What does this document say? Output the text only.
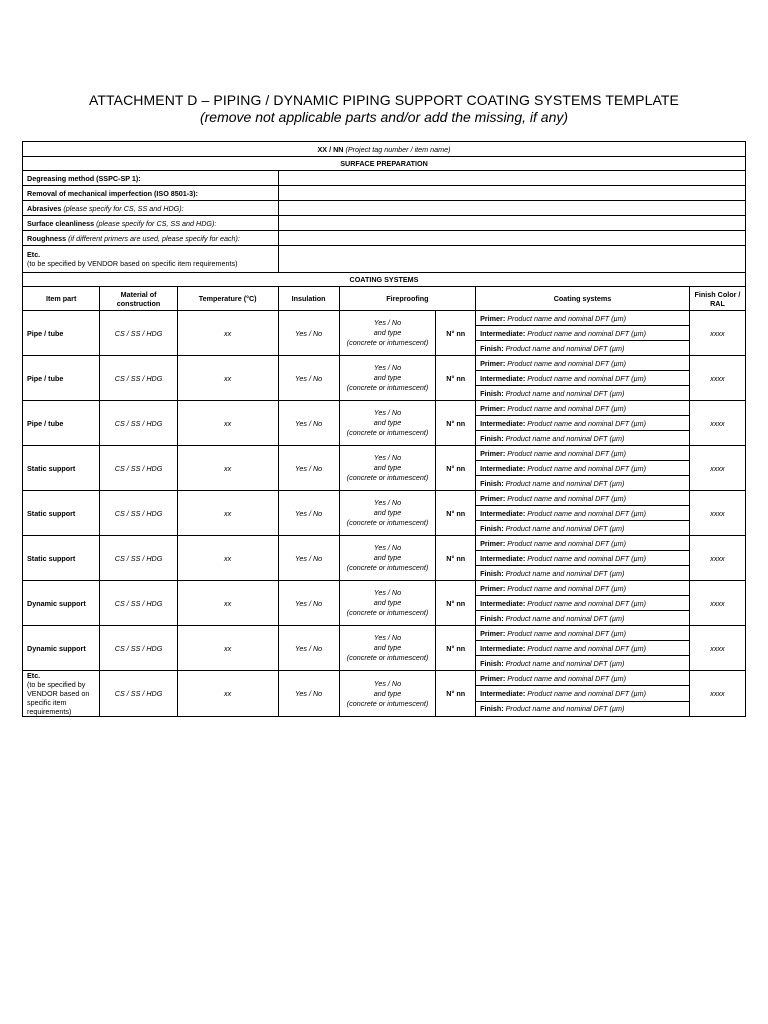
ATTACHMENT D – PIPING / DYNAMIC PIPING SUPPORT COATING SYSTEMS TEMPLATE
(remove not applicable parts and/or add the missing, if any)
XX / NN (Project tag number / item name)							
SURFACE PREPARATION							
Degreasing method (SSPC-SP 1):							
Removal of mechanical imperfection (ISO 8501-3):							
Abrasives (please specify for CS, SS and HDG):							
Surface cleanliness (please specify for CS, SS and HDG):							
Roughness (if different primers are used, please specify for each):							
Etc.
(to be specified by VENDOR based on specific item requirements)							
COATING SYSTEMS							
Item part	Material of construction	Temperature (°C)	Insulation	Fireproofing		Coating systems	Finish Color / RAL
Pipe / tube	CS / SS / HDG	xx	Yes / No	Yes / No
and type
(concrete or intumescent)	N° nn	Primer: Product name and nominal DFT (µm)	xxxx
						Intermediate: Product name and nominal DFT (µm)	
						Finish: Product name and nominal DFT (µm)	
Pipe / tube	CS / SS / HDG	xx	Yes / No	Yes / No
and type
(concrete or intumescent)	N° nn	Primer: Product name and nominal DFT (µm)	xxxx
						Intermediate: Product name and nominal DFT (µm)	
						Finish: Product name and nominal DFT (µm)	
Pipe / tube	CS / SS / HDG	xx	Yes / No	Yes / No
and type
(concrete or intumescent)	N° nn	Primer: Product name and nominal DFT (µm)	xxxx
						Intermediate: Product name and nominal DFT (µm)	
						Finish: Product name and nominal DFT (µm)	
Static support	CS / SS / HDG	xx	Yes / No	Yes / No
and type
(concrete or intumescent)	N° nn	Primer: Product name and nominal DFT (µm)	xxxx
						Intermediate: Product name and nominal DFT (µm)	
						Finish: Product name and nominal DFT (µm)	
Static support	CS / SS / HDG	xx	Yes / No	Yes / No
and type
(concrete or intumescent)	N° nn	Primer: Product name and nominal DFT (µm)	xxxx
						Intermediate: Product name and nominal DFT (µm)	
						Finish: Product name and nominal DFT (µm)	
Static support	CS / SS / HDG	xx	Yes / No	Yes / No
and type
(concrete or intumescent)	N° nn	Primer: Product name and nominal DFT (µm)	xxxx
						Intermediate: Product name and nominal DFT (µm)	
						Finish: Product name and nominal DFT (µm)	
Dynamic support	CS / SS / HDG	xx	Yes / No	Yes / No
and type
(concrete or intumescent)	N° nn	Primer: Product name and nominal DFT (µm)	xxxx
						Intermediate: Product name and nominal DFT (µm)	
						Finish: Product name and nominal DFT (µm)	
Dynamic support	CS / SS / HDG	xx	Yes / No	Yes / No
and type
(concrete or intumescent)	N° nn	Primer: Product name and nominal DFT (µm)	xxxx
						Intermediate: Product name and nominal DFT (µm)	
						Finish: Product name and nominal DFT (µm)	
Etc.
(to be specified by VENDOR based on specific item requirements)	CS / SS / HDG	xx	Yes / No	Yes / No
and type
(concrete or intumescent)	N° nn	Primer: Product name and nominal DFT (µm)	xxxx
						Intermediate: Product name and nominal DFT (µm)	
						Finish: Product name and nominal DFT (µm)	
